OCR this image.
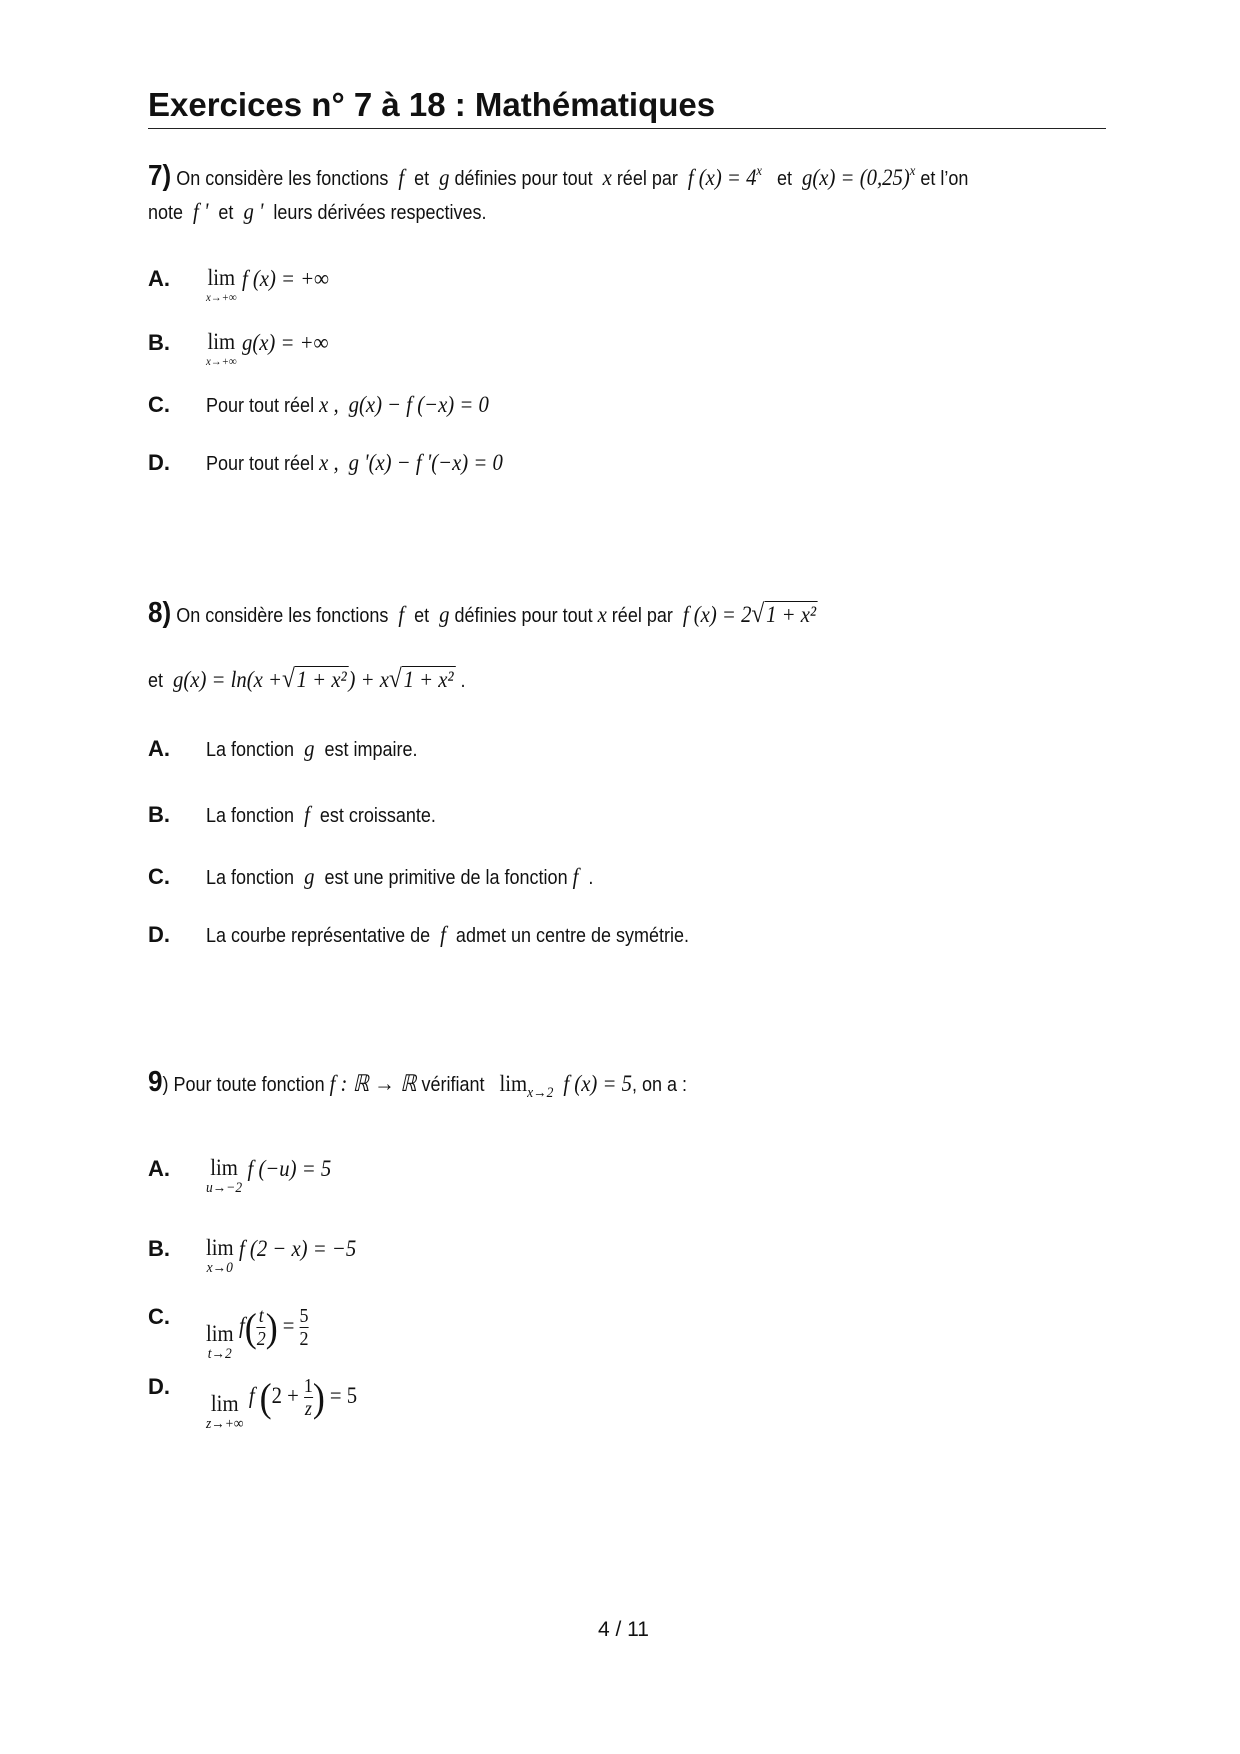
Exercices n° 7 à 18 : Mathématiques
7) On considère les fonctions f et g définies pour tout x réel par f $(x) = 4^x$ et $g(x) = (0,25)^x$ et l’on
note f ' et g ' leurs dérivées respectives.
A. lim
x→+∞
f (x) = +∞
B. lim
x→+∞
g(x) = +∞
C. Pour tout réel x , g(x) − f (−x) = 0
D. Pour tout réel x , g '(x) − f '(−x) = 0
8) On considère les fonctions f et g définies pour tout x réel par f (x) = 2√1 + x²
et g(x) = ln(x +√1 + x²) + x√1 + x² .
A. La fonction g est impaire.
B. La fonction f est croissante.
C. La fonction g est une primitive de la fonction f .
D. La courbe représentative de f admet un centre de symétrie.
9) Pour toute fonction f : ℝ → ℝ vérifiant $\lim_{x\to 2} f$ (x) = 5, on a :
A. lim
u→−2
f (−u) = 5
B. lim
x→0
f (2 − x) = −5
C.
lim
t→2
$f( \frac{t}{2}$ ) = $\frac{5}{2}$
D.
lim
z→+∞
f ($2 + \frac{1}{z}$ ) = 5
4 / 11
